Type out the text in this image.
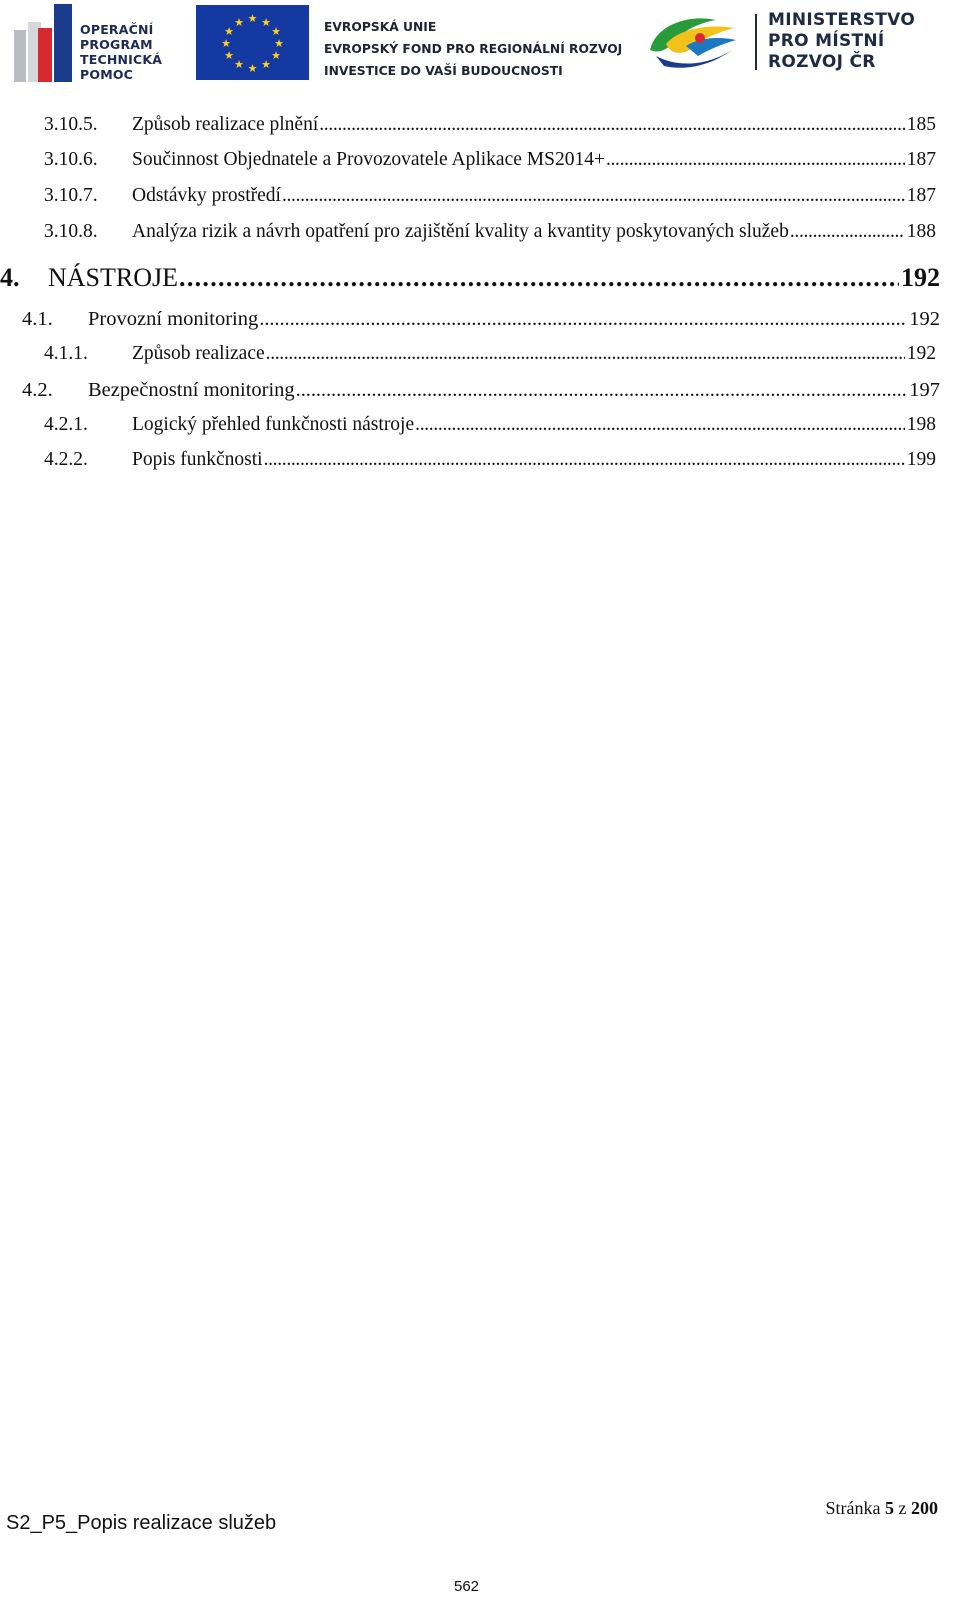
OPERAČNÍ
PROGRAM
TECHNICKÁ
POMOC
★ ★
★
★
★
★
★
★
★
★
★
★	EVROPSKÁ UNIE
EVROPSKÝ FOND PRO REGIONÁLNÍ ROZVOJ
INVESTICE DO VAŠÍ BUDOUCNOSTI
MINISTERSTVO
PRO MÍSTNÍ
ROZVOJ ČR
3.10.5.	Způsob realizace plnění . . .	185
3.10.6.	Součinnost Objednatele a Provozovatele Aplikace MS2014+ . . .	187
3.10.7.	Odstávky prostředí . . .	187
3.10.8.	Analýza rizik a návrh opatření pro zajištění kvality a kvantity poskytovaných služeb . . .	188
4.	NÁSTROJE . . .	192
4.1.	Provozní monitoring . . .	192
4.1.1.	Způsob realizace . . .	192
4.2.	Bezpečnostní monitoring . . .	197
4.2.1.	Logický přehled funkčnosti nástroje . . .	198
4.2.2.	Popis funkčnosti . . .	199
Stránka 5 z 200
S2_P5_Popis realizace služeb
562
